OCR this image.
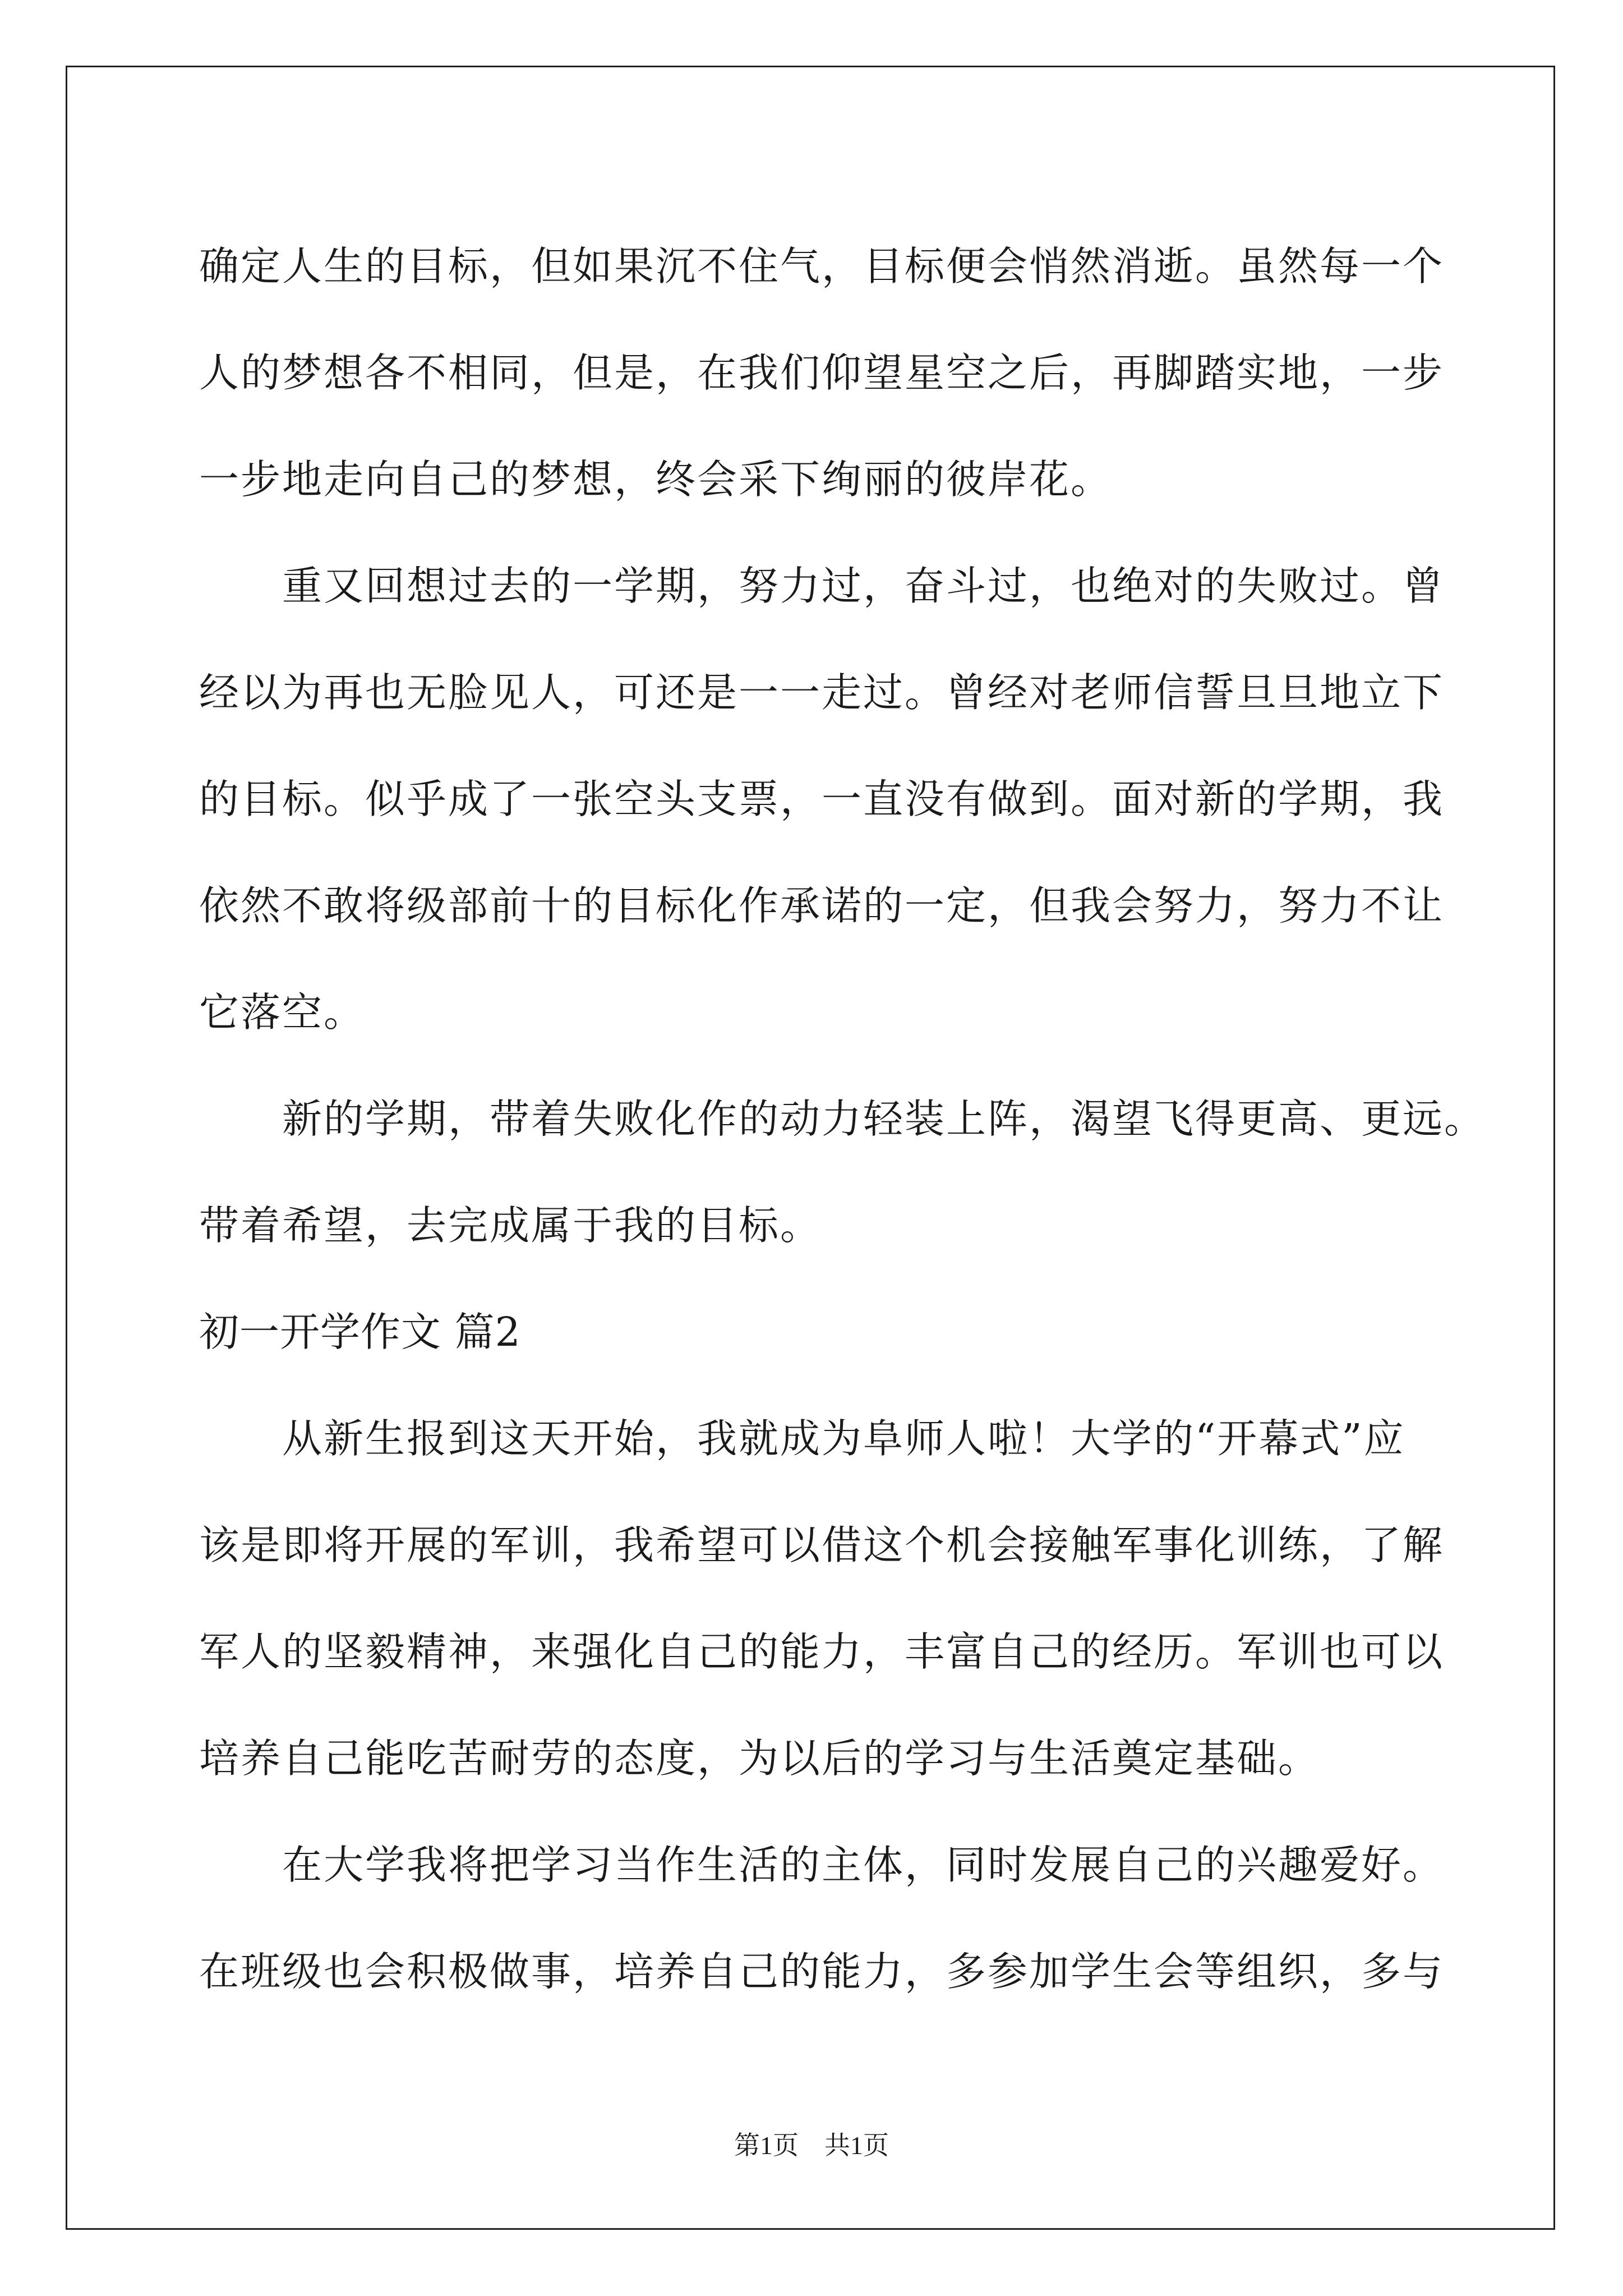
确定人生的目标，但如果沉不住气，目标便会悄然消逝。虽然每一个
人的梦想各不相同，但是，在我们仰望星空之后，再脚踏实地，一步
一步地走向自己的梦想，终会采下绚丽的彼岸花。
重又回想过去的一学期，努力过，奋斗过，也绝对的失败过。曾
经以为再也无脸见人，可还是一一走过。曾经对老师信誓旦旦地立下
的目标。似乎成了一张空头支票，一直没有做到。面对新的学期，我
依然不敢将级部前十的目标化作承诺的一定，但我会努力，努力不让
它落空。
新的学期，带着失败化作的动力轻装上阵，渴望飞得更高、更远。
带着希望，去完成属于我的目标。
初一开学作文 篇2
从新生报到这天开始，我就成为阜师人啦！大学的“开幕式”应
该是即将开展的军训，我希望可以借这个机会接触军事化训练，了解
军人的坚毅精神，来强化自己的能力，丰富自己的经历。军训也可以
培养自己能吃苦耐劳的态度，为以后的学习与生活奠定基础。
在大学我将把学习当作生活的主体，同时发展自己的兴趣爱好。
在班级也会积极做事，培养自己的能力，多参加学生会等组织，多与
第1页 共1页
